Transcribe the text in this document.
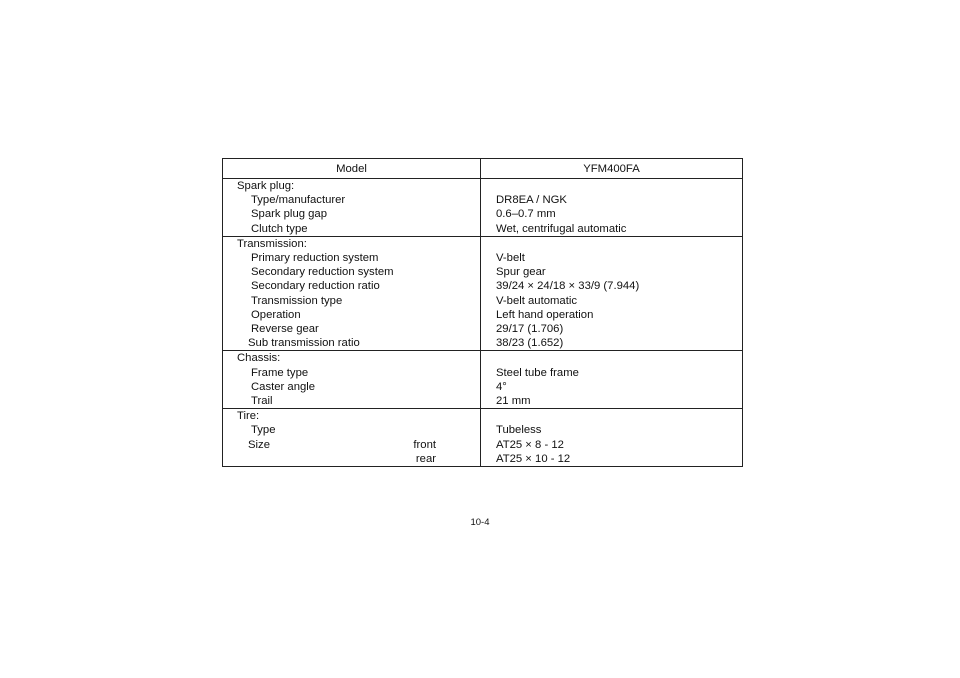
Model	YFM400FA
Spark plug:	
Type/manufacturer	DR8EA / NGK
Spark plug gap	0.6–0.7 mm
Clutch type	Wet, centrifugal automatic
Transmission:	
Primary reduction system	V-belt
Secondary reduction system	Spur gear
Secondary reduction ratio	39/24 × 24/18 × 33/9 (7.944)
Transmission type	V-belt automatic
Operation	Left hand operation
Reverse gear	29/17 (1.706)
Sub transmission ratio	38/23 (1.652)
Chassis:	
Frame type	Steel tube frame
Caster angle	4°
Trail	21 mm
Tire:	
Type	Tubeless
Size front	AT25 × 8 - 12

rear	AT25 × 10 - 12
10-4
